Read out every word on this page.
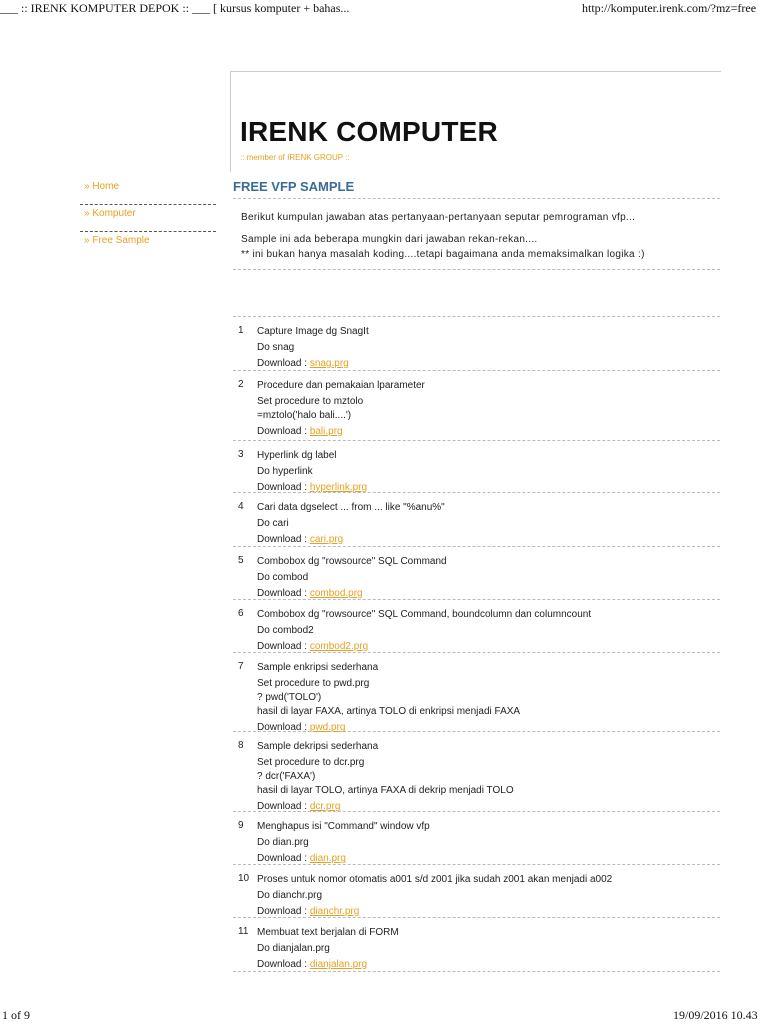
___ :: IRENK KOMPUTER DEPOK :: ___ [ kursus komputer + bahas...	http://komputer.irenk.com/?mz=free
IRENK COMPUTER
:: member of IRENK GROUP ::
» Home
» Komputer
» Free Sample
FREE VFP SAMPLE
Berikut kumpulan jawaban atas pertanyaan-pertanyaan seputar pemrograman vfp...
Sample ini ada beberapa mungkin dari jawaban rekan-rekan....
** ini bukan hanya masalah koding....tetapi bagaimana anda memaksimalkan logika :)
1	Capture Image dg SnagIt
Do snag
Download : snag.prg
2	Procedure dan pemakaian lparameter
Set procedure to mztolo
=mztolo('halo bali....')
Download : bali.prg
3	Hyperlink dg label
Do hyperlink
Download : hyperlink.prg
4	Cari data dgselect ... from ... like "%anu%"
Do cari
Download : cari.prg
5	Combobox dg "rowsource" SQL Command
Do combod
Download : combod.prg
6	Combobox dg "rowsource" SQL Command, boundcolumn dan columncount
Do combod2
Download : combod2.prg
7	Sample enkripsi sederhana
Set procedure to pwd.prg
? pwd('TOLO')
hasil di layar FAXA, artinya TOLO di enkripsi menjadi FAXA
Download : pwd.prg
8	Sample dekripsi sederhana
Set procedure to dcr.prg
? dcr('FAXA')
hasil di layar TOLO, artinya FAXA di dekrip menjadi TOLO
Download : dcr.prg
9	Menghapus isi "Command" window vfp
Do dian.prg
Download : dian.prg
10 Proses untuk nomor otomatis a001 s/d z001 jika sudah z001 akan menjadi a002
Do dianchr.prg
Download : dianchr.prg
11 Membuat text berjalan di FORM
Do dianjalan.prg
Download : dianjalan.prg
1 of 9	19/09/2016 10.43
